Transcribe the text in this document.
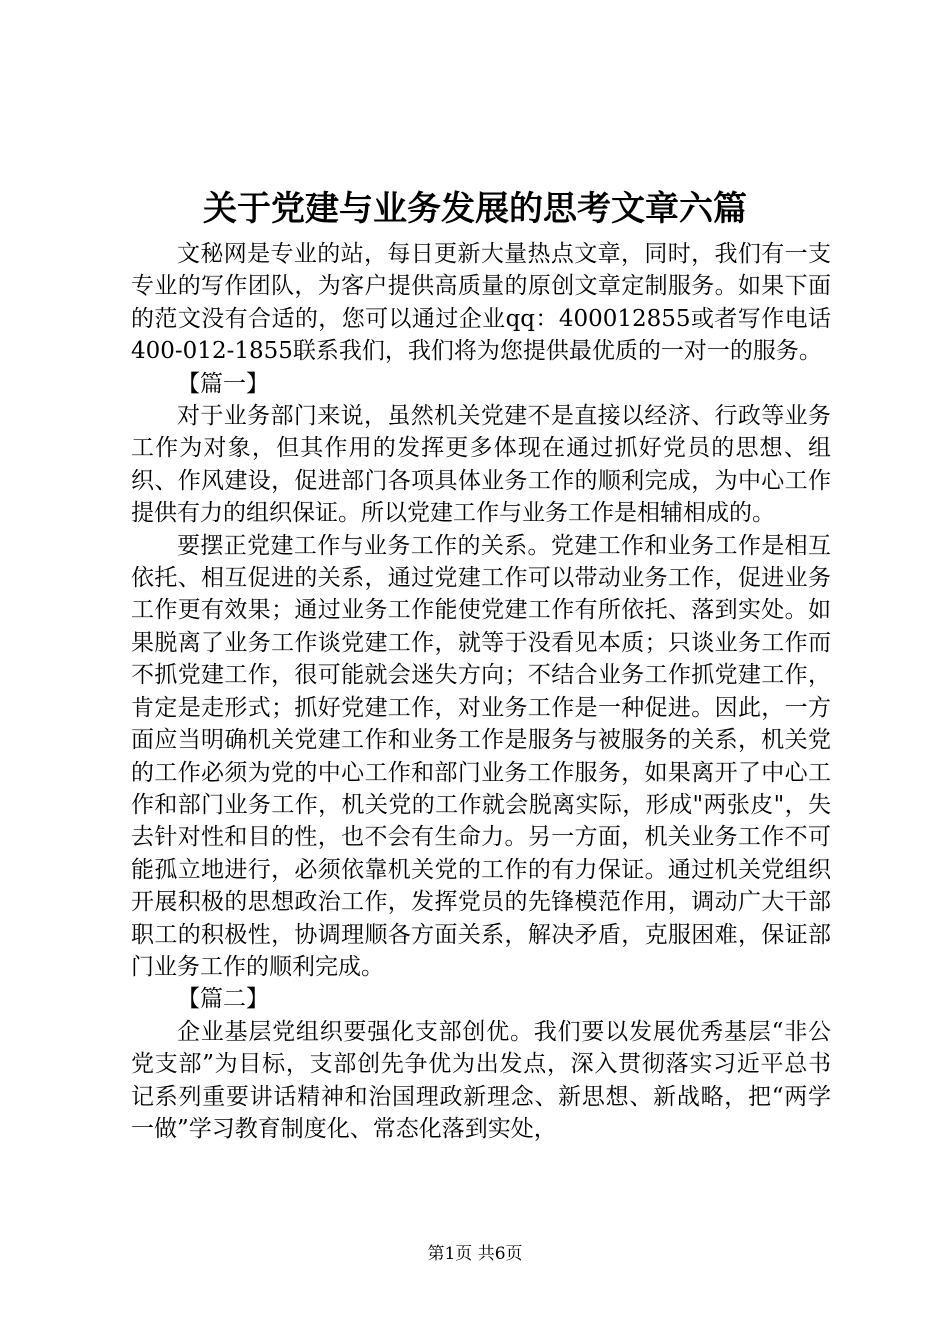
关于党建与业务发展的思考文章六篇

文秘网是专业的站，每日更新大量热点文章，同时，我们有一支专业的写作团队，为客户提供高质量的原创文章定制服务。如果下面的范文没有合适的，您可以通过企业qq：400012855或者写作电话400-012-1855联系我们，我们将为您提供最优质的一对一的服务。

【篇一】

对于业务部门来说，虽然机关党建不是直接以经济、行政等业务工作为对象，但其作用的发挥更多体现在通过抓好党员的思想、组织、作风建设，促进部门各项具体业务工作的顺利完成，为中心工作提供有力的组织保证。所以党建工作与业务工作是相辅相成的。

要摆正党建工作与业务工作的关系。党建工作和业务工作是相互依托、相互促进的关系，通过党建工作可以带动业务工作，促进业务工作更有效果；通过业务工作能使党建工作有所依托、落到实处。如果脱离了业务工作谈党建工作，就等于没看见本质；只谈业务工作而不抓党建工作，很可能就会迷失方向；不结合业务工作抓党建工作，肯定是走形式；抓好党建工作，对业务工作是一种促进。因此，一方面应当明确机关党建工作和业务工作是服务与被服务的关系，机关党的工作必须为党的中心工作和部门业务工作服务，如果离开了中心工作和部门业务工作，机关党的工作就会脱离实际，形成"两张皮"，失去针对性和目的性，也不会有生命力。另一方面，机关业务工作不可能孤立地进行，必须依靠机关党的工作的有力保证。通过机关党组织开展积极的思想政治工作，发挥党员的先锋模范作用，调动广大干部职工的积极性，协调理顺各方面关系，解决矛盾，克服困难，保证部门业务工作的顺利完成。

【篇二】

企业基层党组织要强化支部创优。我们要以发展优秀基层“非公党支部”为目标，支部创先争优为出发点，深入贯彻落实习近平总书记系列重要讲话精神和治国理政新理念、新思想、新战略，把“两学一做”学习教育制度化、常态化落到实处，

第1页 共6页
